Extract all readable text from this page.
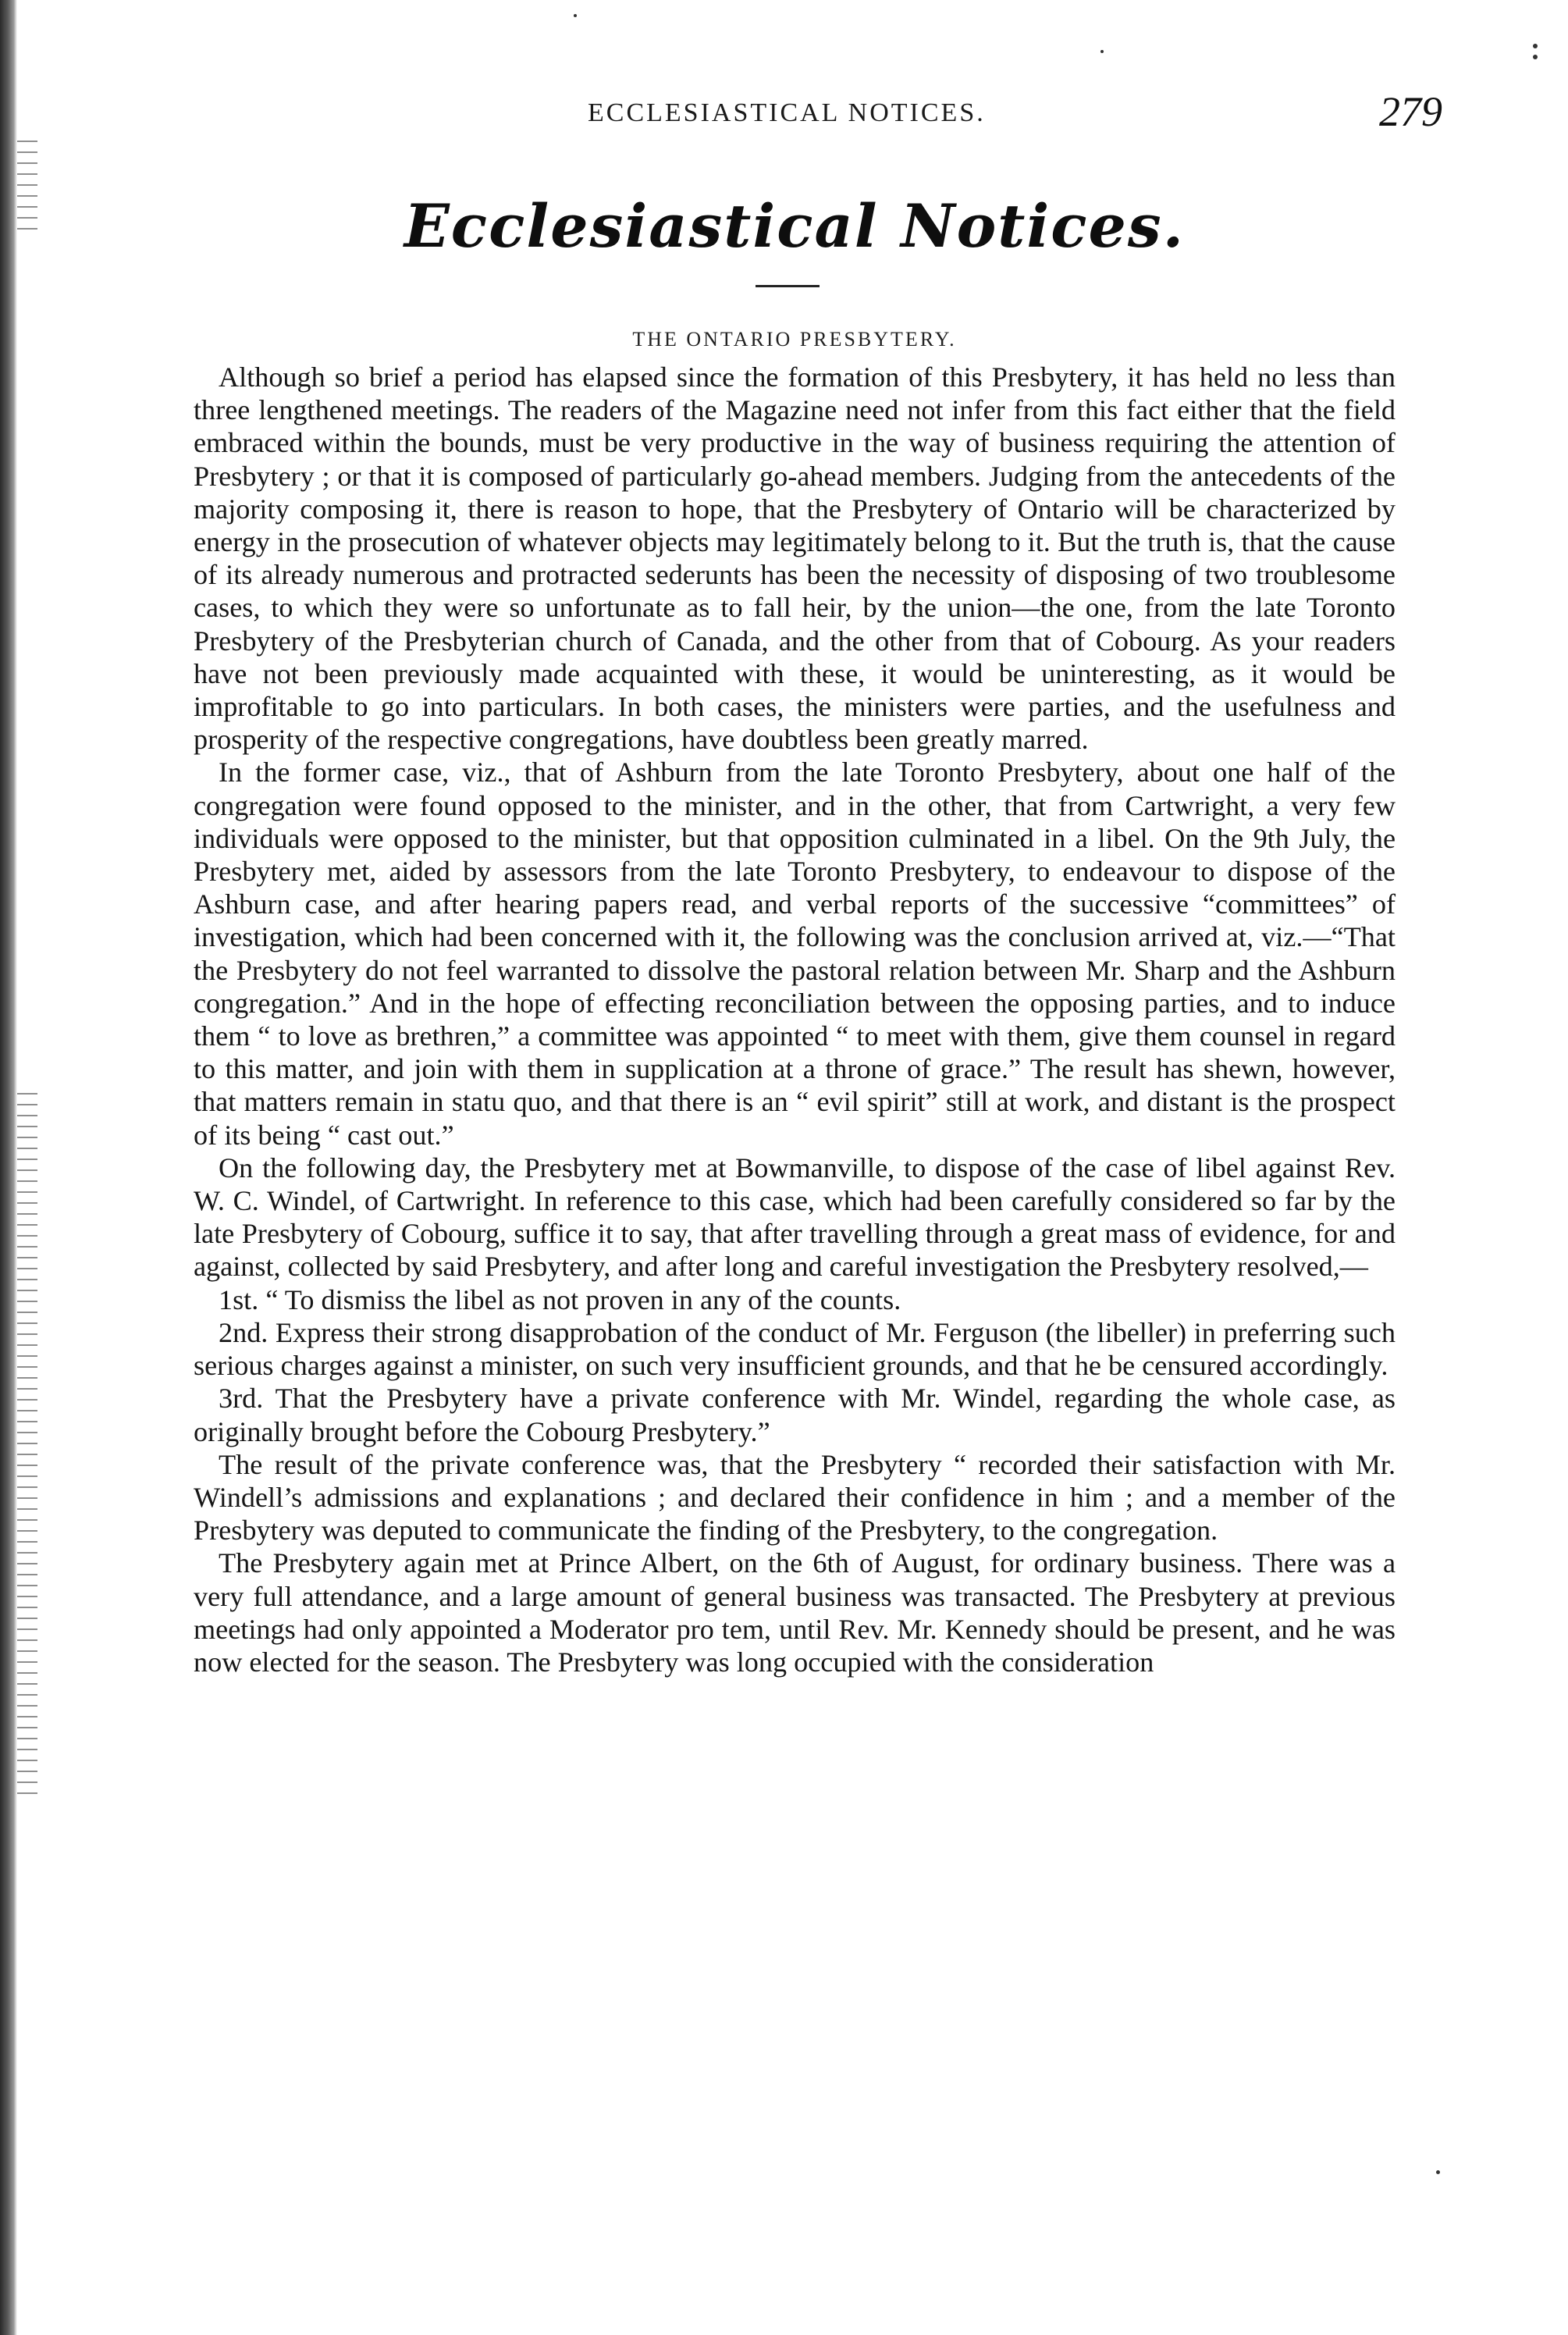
ECCLESIASTICAL NOTICES.	279
Ecclesiastical Notices.
THE ONTARIO PRESBYTERY.

Although so brief a period has elapsed since the formation of this Presbytery, it has held no less than three lengthened meetings. The readers of the Magazine need not infer from this fact either that the field embraced within the bounds, must be very productive in the way of business requiring the attention of Presbytery ; or that it is composed of particularly go-ahead members. Judging from the antecedents of the majority composing it, there is reason to hope, that the Presbytery of Ontario will be characterized by energy in the prosecution of whatever objects may legitimately belong to it. But the truth is, that the cause of its already numerous and protracted sederunts has been the necessity of disposing of two troublesome cases, to which they were so unfortunate as to fall heir, by the union—the one, from the late Toronto Presbytery of the Presbyterian church of Canada, and the other from that of Cobourg. As your readers have not been previously made acquainted with these, it would be uninteresting, as it would be improfitable to go into particulars. In both cases, the ministers were parties, and the usefulness and prosperity of the respective congregations, have doubtless been greatly marred.

In the former case, viz., that of Ashburn from the late Toronto Presbytery, about one half of the congregation were found opposed to the minister, and in the other, that from Cartwright, a very few individuals were opposed to the minister, but that opposition culminated in a libel. On the 9th July, the Presbytery met, aided by assessors from the late Toronto Presbytery, to endeavour to dispose of the Ashburn case, and after hearing papers read, and verbal reports of the successive “committees” of investigation, which had been concerned with it, the following was the conclusion arrived at, viz.—“That the Presbytery do not feel warranted to dissolve the pastoral relation between Mr. Sharp and the Ashburn congregation.” And in the hope of effecting reconciliation between the opposing parties, and to induce them “ to love as brethren,” a committee was appointed “ to meet with them, give them counsel in regard to this matter, and join with them in supplication at a throne of grace.” The result has shewn, however, that matters remain in statu quo, and that there is an “ evil spirit” still at work, and distant is the prospect of its being “ cast out.”

On the following day, the Presbytery met at Bowmanville, to dispose of the case of libel against Rev. W. C. Windel, of Cartwright. In reference to this case, which had been carefully considered so far by the late Presbytery of Cobourg, suffice it to say, that after travelling through a great mass of evidence, for and against, collected by said Presbytery, and after long and careful investigation the Presbytery resolved,—

1st. “ To dismiss the libel as not proven in any of the counts.

2nd. Express their strong disapprobation of the conduct of Mr. Ferguson (the libeller) in preferring such serious charges against a minister, on such very insufficient grounds, and that he be censured accordingly.

3rd. That the Presbytery have a private conference with Mr. Windel, regarding the whole case, as originally brought before the Cobourg Presbytery.”

The result of the private conference was, that the Presbytery “ recorded their satisfaction with Mr. Windell’s admissions and explanations ; and declared their confidence in him ; and a member of the Presbytery was deputed to communicate the finding of the Presbytery, to the congregation.

The Presbytery again met at Prince Albert, on the 6th of August, for ordinary business. There was a very full attendance, and a large amount of general business was transacted. The Presbytery at previous meetings had only appointed a Moderator pro tem, until Rev. Mr. Kennedy should be present, and he was now elected for the season. The Presbytery was long occupied with the consideration
